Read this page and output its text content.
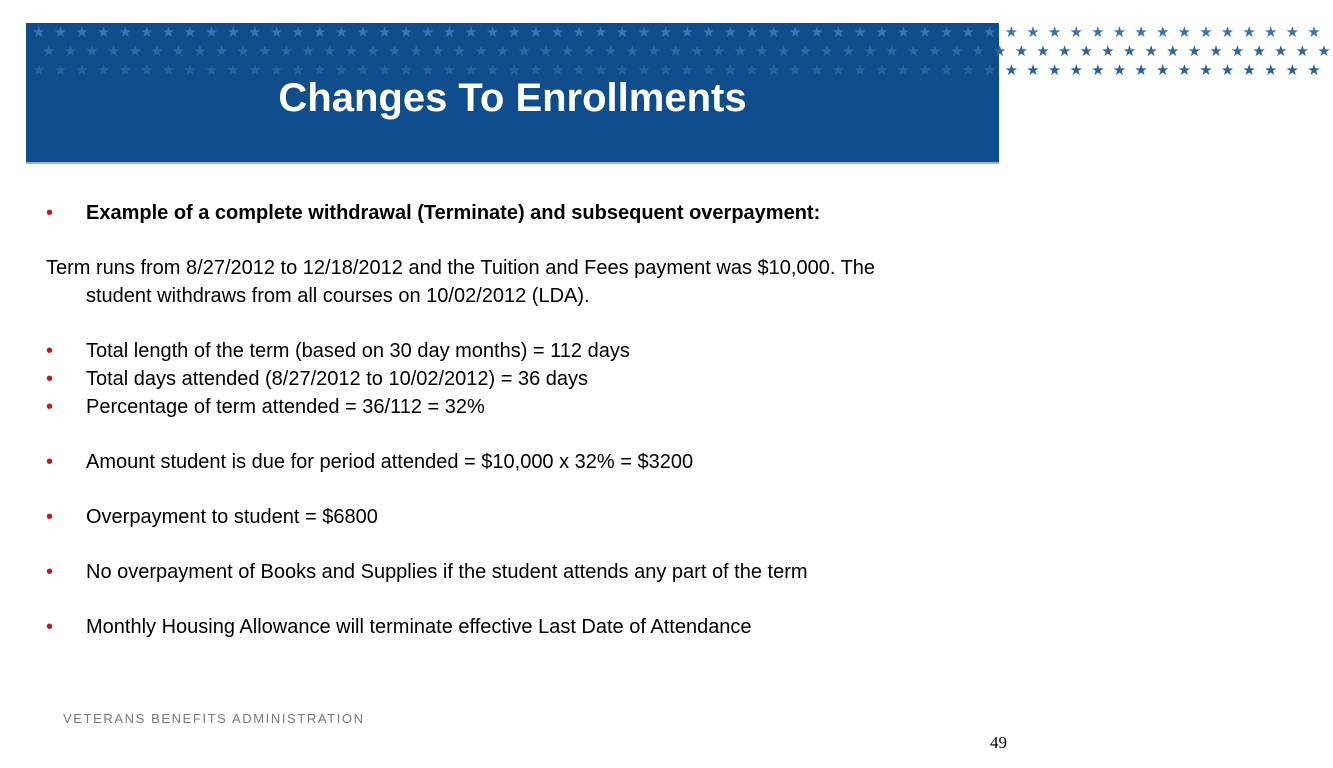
★ ★ ★ ★ ★ ★ ★ ★ ★ ★ ★ ★ ★ ★ ★ ★ ★ ★ ★ ★ ★ ★ ★ ★ ★ ★ ★ ★ ★ ★ ★ ★ ★ ★ ★ ★ ★ ★ ★ ★ ★ ★ ★ ★ ★ ★ ★ ★ ★ ★ ★ ★ ★ ★ ★ ★ ★ ★ ★ ★
★ ★ ★ ★ ★ ★ ★ ★ ★ ★ ★ ★ ★ ★ ★ ★ ★ ★ ★ ★ ★ ★ ★ ★ ★ ★ ★ ★ ★ ★ ★ ★ ★ ★ ★ ★ ★ ★ ★ ★ ★ ★ ★ ★ ★ ★ ★ ★ ★ ★ ★ ★ ★ ★ ★ ★ ★ ★ ★ ★
★ ★ ★ ★ ★ ★ ★ ★ ★ ★ ★ ★ ★ ★ ★ ★ ★ ★ ★ ★ ★ ★ ★ ★ ★ ★ ★ ★ ★ ★ ★ ★ ★ ★ ★ ★ ★ ★ ★ ★ ★ ★ ★ ★ ★ ★ ★ ★ ★ ★ ★ ★ ★ ★ ★ ★ ★ ★ ★ ★
Changes To Enrollments
•	Example of a complete withdrawal (Terminate) and subsequent overpayment:
Term runs from 8/27/2012 to 12/18/2012 and the Tuition and Fees payment was $10,000. The student withdraws from all courses on 10/02/2012 (LDA).
•	Total length of the term (based on 30 day months) = 112 days
•	Total days attended (8/27/2012 to 10/02/2012) = 36 days
•	Percentage of term attended = 36/112 = 32%
•	Amount student is due for period attended = $10,000 x 32% = $3200
•	Overpayment to student = $6800
•	No overpayment of Books and Supplies if the student attends any part of the term
•	Monthly Housing Allowance will terminate effective Last Date of Attendance
VETERANS BENEFITS ADMINISTRATION
49
